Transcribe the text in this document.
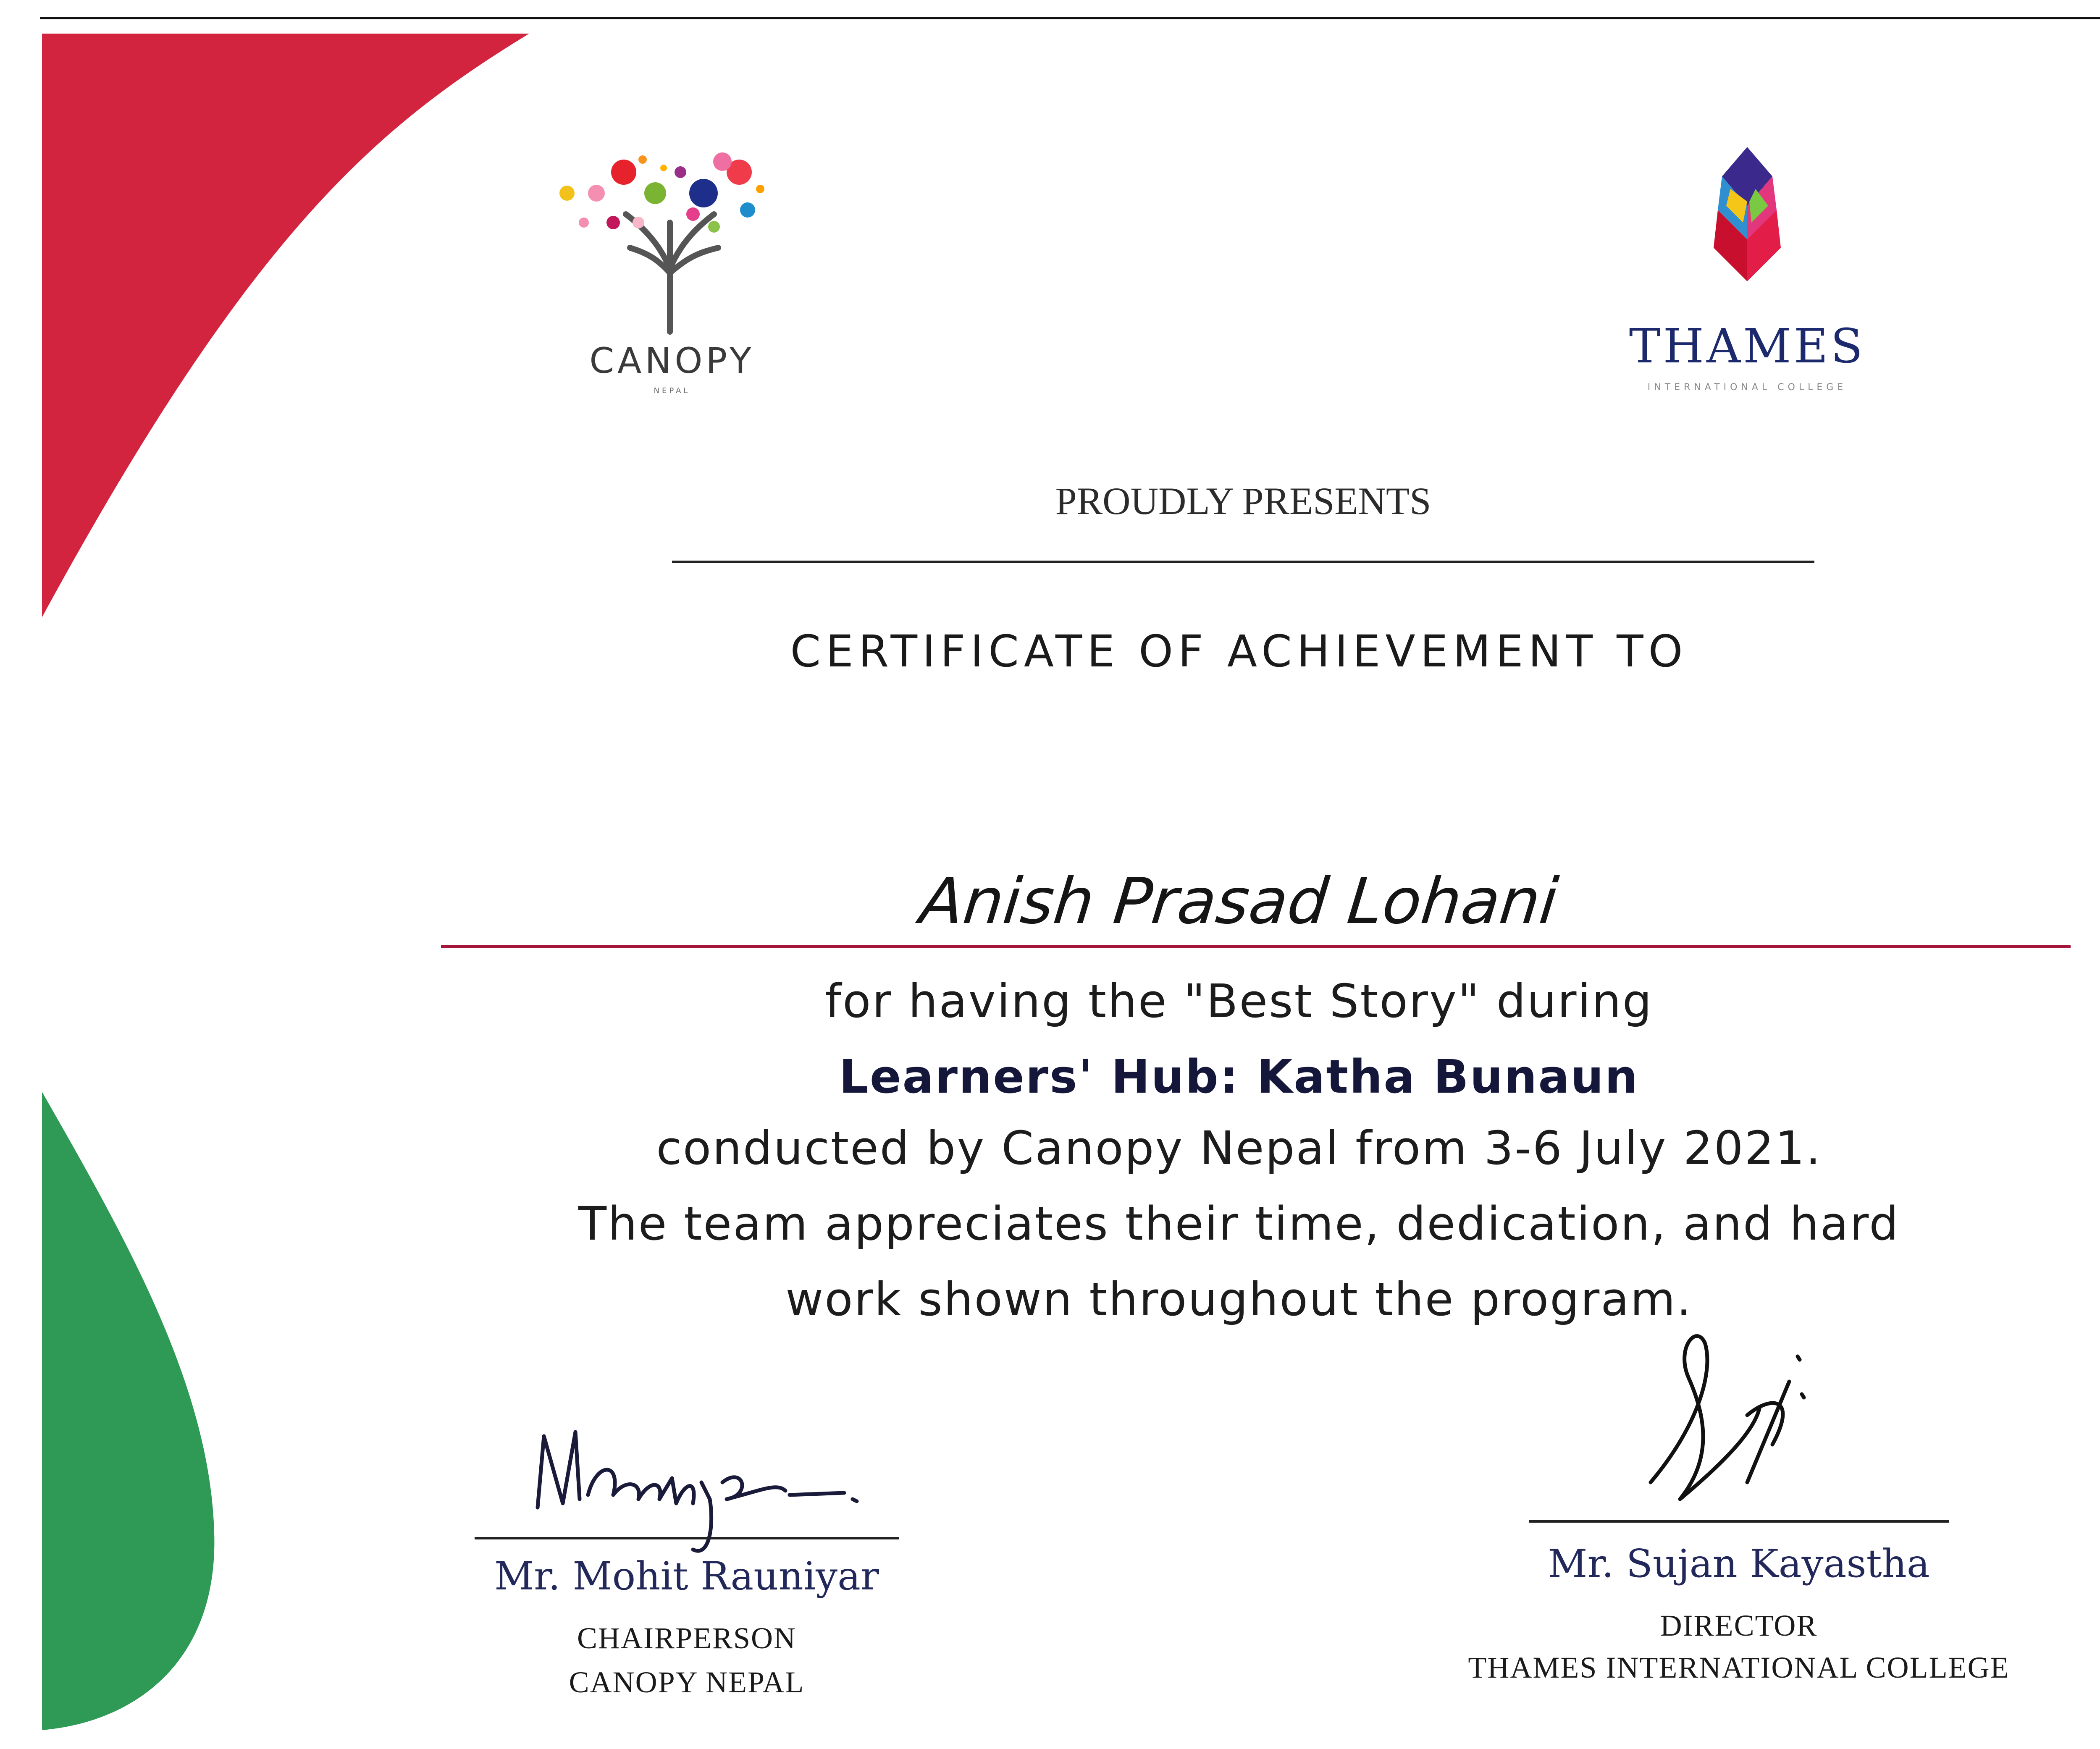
CANOPY
NEPAL
THAMES
INTERNATIONAL COLLEGE
PROUDLY PRESENTS
CERTIFICATE OF ACHIEVEMENT TO
Anish Prasad Lohani
for having the "Best Story" during
Learners' Hub: Katha Bunaun
conducted by Canopy Nepal from 3-6 July 2021.
The team appreciates their time, dedication, and hard
work shown throughout the program.
Mr. Mohit Rauniyar
CHAIRPERSON
CANOPY NEPAL
Mr. Sujan Kayastha
DIRECTOR
THAMES INTERNATIONAL COLLEGE
